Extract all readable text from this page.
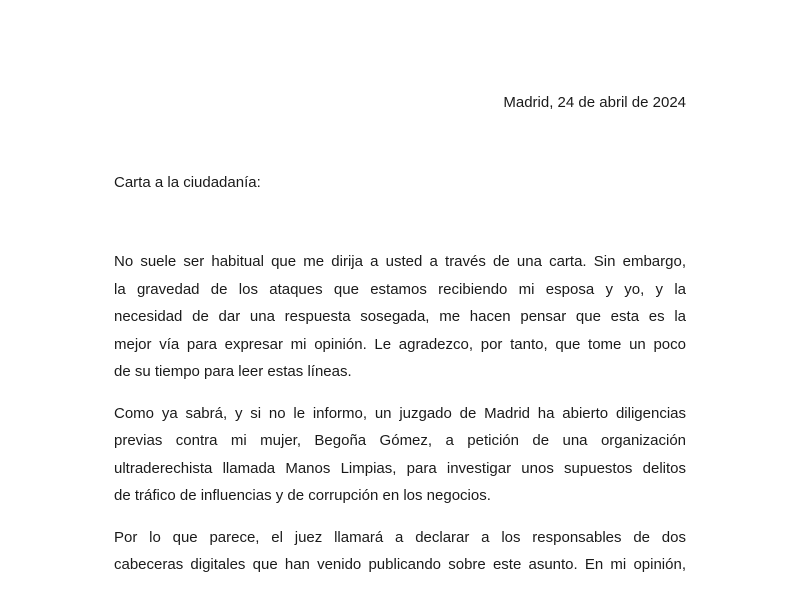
Madrid, 24 de abril de 2024
Carta a la ciudadanía:

No suele ser habitual que me dirija a usted a través de una carta. Sin embargo,
la gravedad de los ataques que estamos recibiendo mi esposa y yo, y la
necesidad de dar una respuesta sosegada, me hacen pensar que esta es la
mejor vía para expresar mi opinión. Le agradezco, por tanto, que tome un poco
de su tiempo para leer estas líneas.

Como ya sabrá, y si no le informo, un juzgado de Madrid ha abierto diligencias
previas contra mi mujer, Begoña Gómez, a petición de una organización
ultraderechista llamada Manos Limpias, para investigar unos supuestos delitos
de tráfico de influencias y de corrupción en los negocios.

Por lo que parece, el juez llamará a declarar a los responsables de dos
cabeceras digitales que han venido publicando sobre este asunto. En mi opinión,
